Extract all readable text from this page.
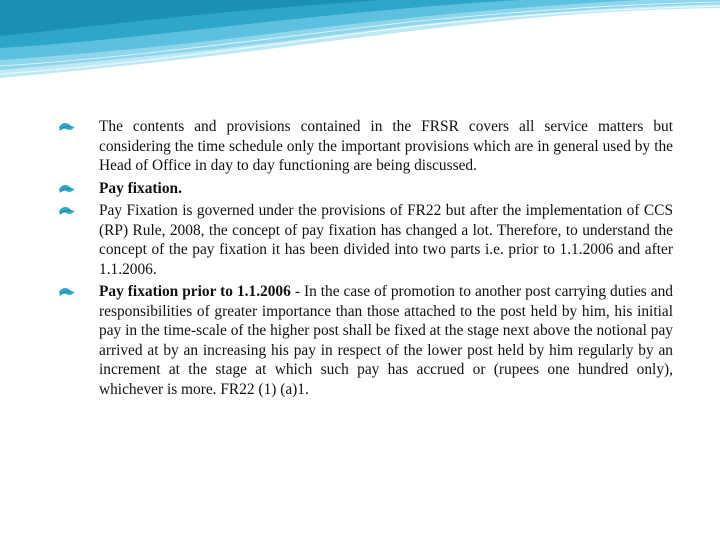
The contents and provisions contained in the FRSR covers all service matters but considering the time schedule only the important provisions which are in general used by the Head of Office in day to day functioning are being discussed.

Pay fixation.

Pay Fixation is governed under the provisions of FR22 but after the implementation of CCS (RP) Rule, 2008, the concept of pay fixation has changed a lot. Therefore, to understand the concept of the pay fixation it has been divided into two parts i.e. prior to 1.1.2006 and after 1.1.2006.

Pay fixation prior to 1.1.2006 - In the case of promotion to another post carrying duties and responsibilities of greater importance than those attached to the post held by him, his initial pay in the time-scale of the higher post shall be fixed at the stage next above the notional pay arrived at by an increasing his pay in respect of the lower post held by him regularly by an increment at the stage at which such pay has accrued or (rupees one hundred only), whichever is more. FR22 (1) (a)1.
